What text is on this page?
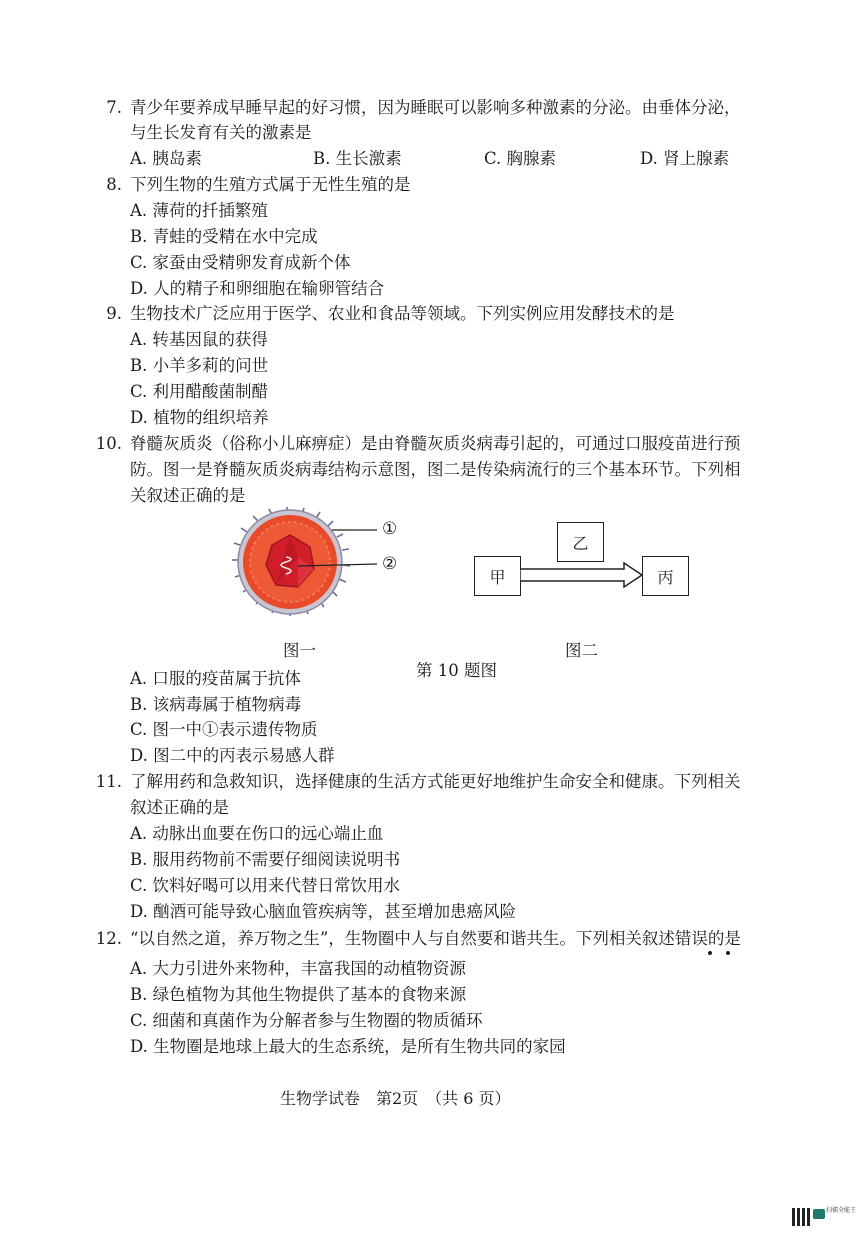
7. 青少年要养成早睡早起的好习惯，因为睡眠可以影响多种激素的分泌。由垂体分泌，
与生长发育有关的激素是
A. 胰岛素	B. 生长激素	C. 胸腺素	D. 肾上腺素
8. 下列生物的生殖方式属于无性生殖的是
A. 薄荷的扦插繁殖
B. 青蛙的受精在水中完成
C. 家蚕由受精卵发育成新个体
D. 人的精子和卵细胞在输卵管结合
9. 生物技术广泛应用于医学、农业和食品等领域。下列实例应用发酵技术的是
A. 转基因鼠的获得
B. 小羊多莉的问世
C. 利用醋酸菌制醋
D. 植物的组织培养
10. 脊髓灰质炎（俗称小儿麻痹症）是由脊髓灰质炎病毒引起的，可通过口服疫苗进行预
防。图一是脊髓灰质炎病毒结构示意图，图二是传染病流行的三个基本环节。下列相
关叙述正确的是
①
②
图一
乙
甲	丙
图二
第 10 题图
A. 口服的疫苗属于抗体
B. 该病毒属于植物病毒
C. 图一中①表示遗传物质
D. 图二中的丙表示易感人群
11. 了解用药和急救知识，选择健康的生活方式能更好地维护生命安全和健康。下列相关
叙述正确的是
A. 动脉出血要在伤口的远心端止血
B. 服用药物前不需要仔细阅读说明书
C. 饮料好喝可以用来代替日常饮用水
D. 酗酒可能导致心脑血管疾病等，甚至增加患癌风险
12. “以自然之道，养万物之生”，生物圈中人与自然要和谐共生。下列相关叙述错误的是
A. 大力引进外来物种，丰富我国的动植物资源
B. 绿色植物为其他生物提供了基本的食物来源
C. 细菌和真菌作为分解者参与生物圈的物质循环
D. 生物圈是地球上最大的生态系统，是所有生物共同的家园
生物学试卷　第2页　（共 6 页）
扫描全能王
